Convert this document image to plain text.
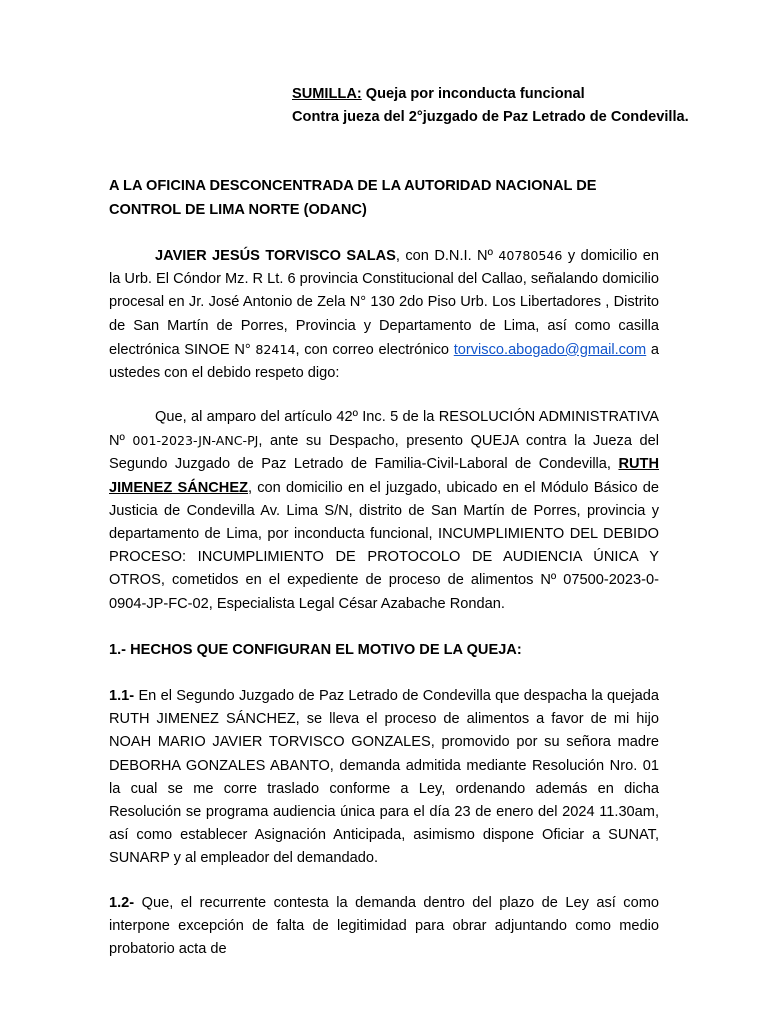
SUMILLA: Queja por inconducta funcional
Contra jueza del 2°juzgado de Paz Letrado de Condevilla.
A LA OFICINA DESCONCENTRADA DE LA AUTORIDAD NACIONAL DE CONTROL DE LIMA NORTE (ODANC)
JAVIER JESÚS TORVISCO SALAS, con D.N.I. Nº 40780546 y domicilio en la Urb. El Cóndor Mz. R Lt. 6 provincia Constitucional del Callao, señalando domicilio procesal en Jr. José Antonio de Zela N° 130 2do Piso Urb. Los Libertadores , Distrito de San Martín de Porres, Provincia y Departamento de Lima, así como casilla electrónica SINOE N° 82414, con correo electrónico torvisco.abogado@gmail.com a ustedes con el debido respeto digo:
Que, al amparo del artículo 42º Inc. 5 de la RESOLUCIÓN ADMINISTRATIVA Nº 001-2023-JN-ANC-PJ, ante su Despacho, presento QUEJA contra la Jueza del Segundo Juzgado de Paz Letrado de Familia-Civil-Laboral de Condevilla, RUTH JIMENEZ SÁNCHEZ, con domicilio en el juzgado, ubicado en el Módulo Básico de Justicia de Condevilla Av. Lima S/N, distrito de San Martín de Porres, provincia y departamento de Lima, por inconducta funcional, INCUMPLIMIENTO DEL DEBIDO PROCESO: INCUMPLIMIENTO DE PROTOCOLO DE AUDIENCIA ÚNICA Y OTROS, cometidos en el expediente de proceso de alimentos Nº 07500-2023-0-0904-JP-FC-02, Especialista Legal César Azabache Rondan.
1.- HECHOS QUE CONFIGURAN EL MOTIVO DE LA QUEJA:
1.1- En el Segundo Juzgado de Paz Letrado de Condevilla que despacha la quejada RUTH JIMENEZ SÁNCHEZ, se lleva el proceso de alimentos a favor de mi hijo NOAH MARIO JAVIER TORVISCO GONZALES, promovido por su señora madre DEBORHA GONZALES ABANTO, demanda admitida mediante Resolución Nro. 01 la cual se me corre traslado conforme a Ley, ordenando además en dicha Resolución se programa audiencia única para el día 23 de enero del 2024 11.30am, así como establecer Asignación Anticipada, asimismo dispone Oficiar a SUNAT, SUNARP y al empleador del demandado.
1.2- Que, el recurrente contesta la demanda dentro del plazo de Ley así como interpone excepción de falta de legitimidad para obrar adjuntando como medio probatorio acta de
